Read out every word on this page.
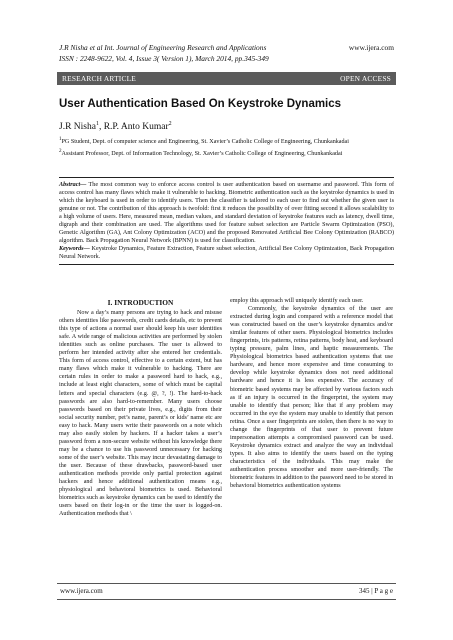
J.R Nisha et al Int. Journal of Engineering Research and Applications
ISSN : 2248-9622, Vol. 4, Issue 3( Version 1), March 2014, pp.345-349
www.ijera.com
RESEARCH ARTICLE	OPEN ACCESS
User Authentication Based On Keystroke Dynamics
J.R Nisha$^1$, R.P. Anto Kumar$^2$

$^1$PG Student, Dept. of computer science and Engineering, St. Xavier’s Catholic College of Engineering, Chunkankadai

$^2$Assistant Professor, Dept. of Information Technology, St. Xavier’s Catholic College of Engineering, Chunkankadai

Abstract— The most common way to enforce access control is user authentication based on username and password. This form of access control has many flaws which make it vulnerable to hacking. Biometric authentication such as the keystroke dynamics is used in which the keyboard is used in order to identify users. Then the classifier is tailored to each user to find out whether the given user is genuine or not. The contribution of this approach is twofold: first it reduces the possibility of over fitting second it allows scalability to a high volume of users. Here, measured mean, median values, and standard deviation of keystroke features such as latency, dwell time, digraph and their combination are used. The algorithms used for feature subset selection are Particle Swarm Optimization (PSO), Genetic Algorithm (GA), Ant Colony Optimization (ACO) and the proposed Renovated Artificial Bee Colony Optimization (RABCO) algorithm. Back Propagation Neural Network (BPNN) is used for classification.

Keywords— Keystroke Dynamics, Feature Extraction, Feature subset selection, Artificial Bee Colony Optimization, Back Propagation Neural Network.

I. INTRODUCTION

Now a day’s many persons are trying to hack and misuse others identities like passwords, credit cards details, etc to prevent this type of actions a normal user should keep his user identities safe. A wide range of malicious activities are performed by stolen identities such as online purchases. The user is allowed to perform her intended activity after she entered her credentials. This form of access control, effective to a certain extent, but has many flaws which make it vulnerable to hacking. There are certain rules in order to make a password hard to hack, e.g., include at least eight characters, some of which must be capital letters and special characters (e.g. @, ?, !). The hard-to-hack passwords are also hard-to-remember. Many users choose passwords based on their private lives, e.g., digits from their social security number, pet’s name, parent’s or kids’ name etc are easy to hack. Many users write their passwords on a note which may also easily stolen by hackers. If a hacker takes a user’s password from a non-secure website without his knowledge there may be a chance to use his password unnecessary for hacking some of the user’s website. This may incur devastating damage to the user. Because of these drawbacks, password-based user authentication methods provide only partial protection against hackers and hence additional authentication means e.g., physiological and behavioral biometrics is used. Behavioral biometrics such as keystroke dynamics can be used to identify the users based on their log-in or the time the user is logged-on. Authentication methods that \

employ this approach will uniquely identify each user.

Commonly, the keystroke dynamics of the user are extracted during login and compared with a reference model that was constructed based on the user’s keystroke dynamics and/or similar features of other users. Physiological biometrics includes fingerprints, iris patterns, retina patterns, body heat, and keyboard typing pressure, palm lines, and haptic measurements. The Physiological biometrics based authentication systems that use hardware, and hence more expensive and time consuming to develop while keystroke dynamics does not need additional hardware and hence it is less expensive. The accuracy of biometric based systems may be affected by various factors such as if an injury is occurred in the fingerprint, the system may unable to identify that person; like that if any problem may occurred in the eye the system may unable to identify that person retina. Once a user fingerprints are stolen, then there is no way to change the fingerprints of that user to prevent future impersonation attempts a compromised password can be used. Keystroke dynamics extract and analyze the way an individual types. It also aims to identify the users based on the typing characteristics of the individuals. This may make the authentication process smoother and more user-friendly. The biometric features in addition to the password need to be stored in behavioral biometrics authentication systems

www.ijera.com	345 | P a g e
